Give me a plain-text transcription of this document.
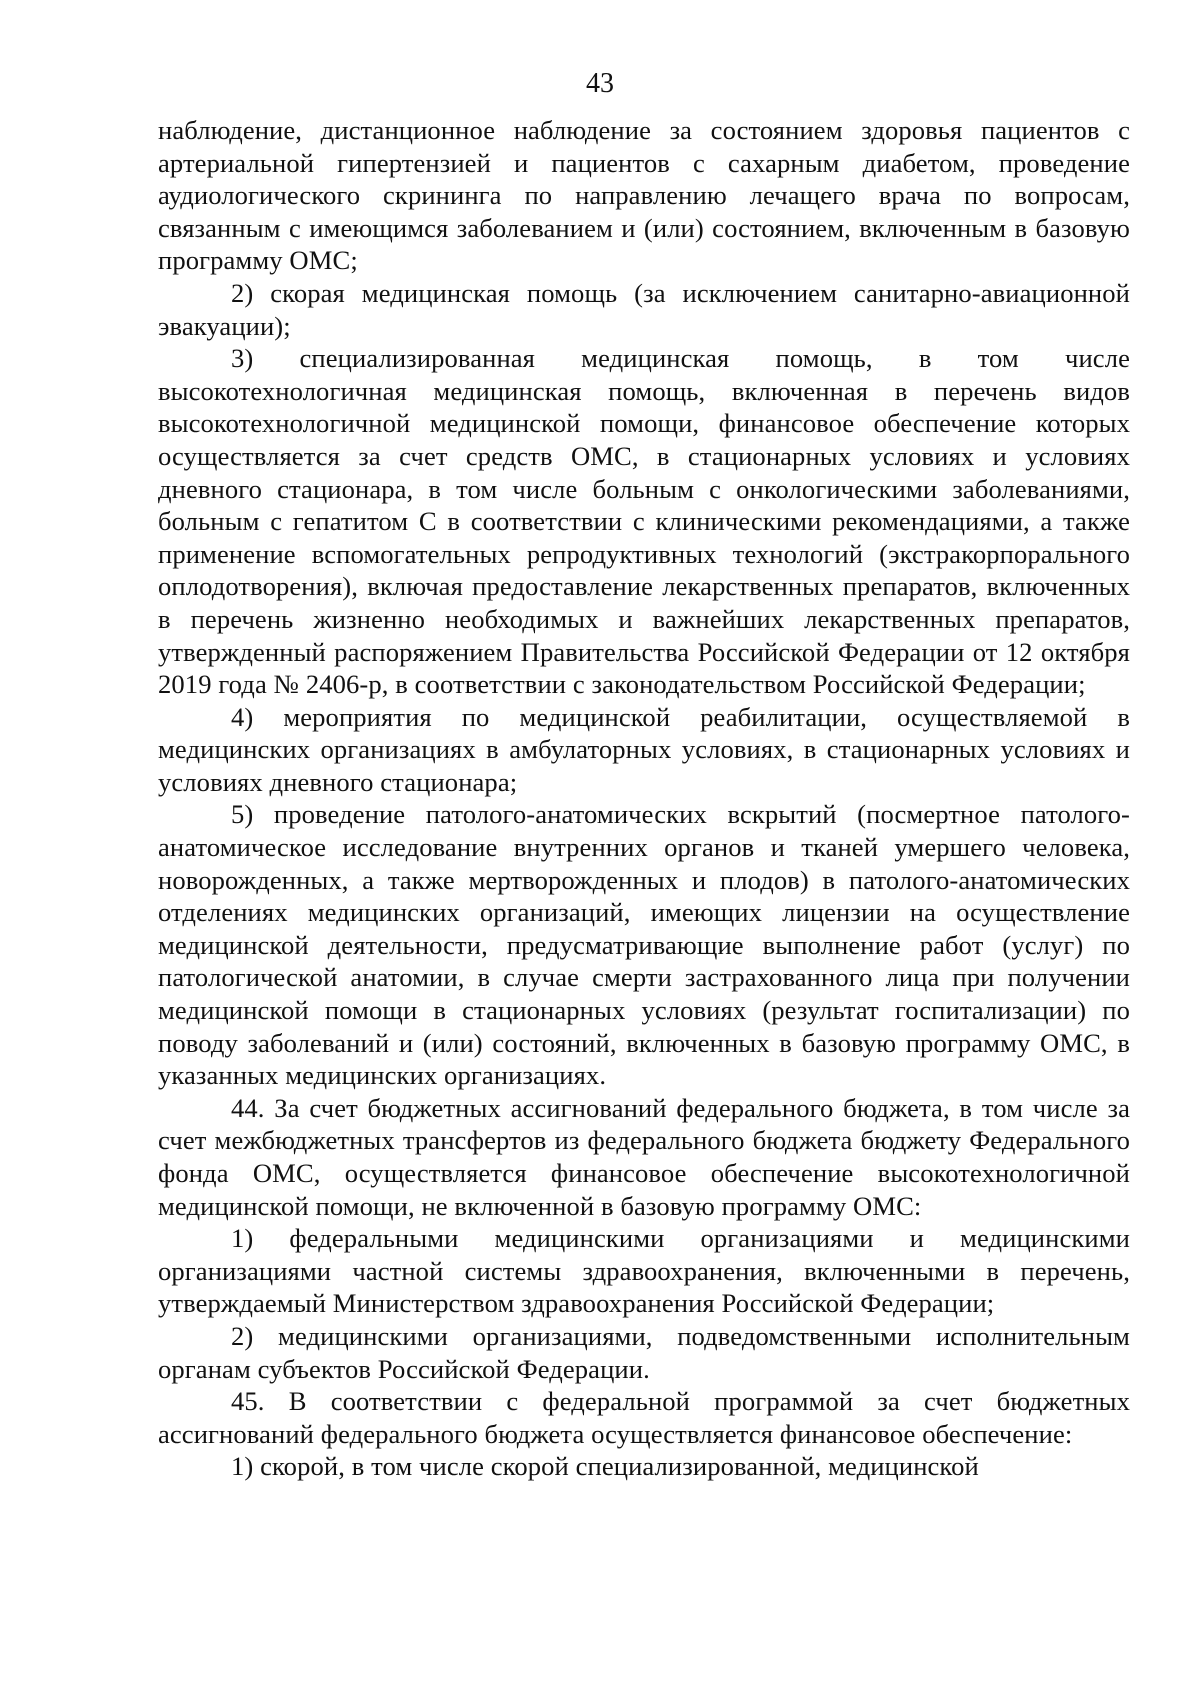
43

наблюдение, дистанционное наблюдение за состоянием здоровья пациентов с артериальной гипертензией и пациентов с сахарным диабетом, проведение аудиологического скрининга по направлению лечащего врача по вопросам, связанным с имеющимся заболеванием и (или) состоянием, включенным в базовую программу ОМС;

2) скорая медицинская помощь (за исключением санитарно-авиационной эвакуации);

3) специализированная медицинская помощь, в том числе высокотехнологичная медицинская помощь, включенная в перечень видов высокотехнологичной медицинской помощи, финансовое обеспечение которых осуществляется за счет средств ОМС, в стационарных условиях и условиях дневного стационара, в том числе больным с онкологическими заболеваниями, больным с гепатитом С в соответствии с клиническими рекомендациями, а также применение вспомогательных репродуктивных технологий (экстракорпорального оплодотворения), включая предоставление лекарственных препаратов, включенных в перечень жизненно необходимых и важнейших лекарственных препаратов, утвержденный распоряжением Правительства Российской Федерации от 12 октября 2019 года № 2406-р, в соответствии с законодательством Российской Федерации;

4) мероприятия по медицинской реабилитации, осуществляемой в медицинских организациях в амбулаторных условиях, в стационарных условиях и условиях дневного стационара;

5) проведение патолого-анатомических вскрытий (посмертное патолого-анатомическое исследование внутренних органов и тканей умершего человека, новорожденных, а также мертворожденных и плодов) в патолого-анатомических отделениях медицинских организаций, имеющих лицензии на осуществление медицинской деятельности, предусматривающие выполнение работ (услуг) по патологической анатомии, в случае смерти застрахованного лица при получении медицинской помощи в стационарных условиях (результат госпитализации) по поводу заболеваний и (или) состояний, включенных в базовую программу ОМС, в указанных медицинских организациях.

44. За счет бюджетных ассигнований федерального бюджета, в том числе за счет межбюджетных трансфертов из федерального бюджета бюджету Федерального фонда ОМС, осуществляется финансовое обеспечение высокотехнологичной медицинской помощи, не включенной в базовую программу ОМС:

1) федеральными медицинскими организациями и медицинскими организациями частной системы здравоохранения, включенными в перечень, утверждаемый Министерством здравоохранения Российской Федерации;

2) медицинскими организациями, подведомственными исполнительным органам субъектов Российской Федерации.

45. В соответствии с федеральной программой за счет бюджетных ассигнований федерального бюджета осуществляется финансовое обеспечение:

1) скорой, в том числе скорой специализированной, медицинской
